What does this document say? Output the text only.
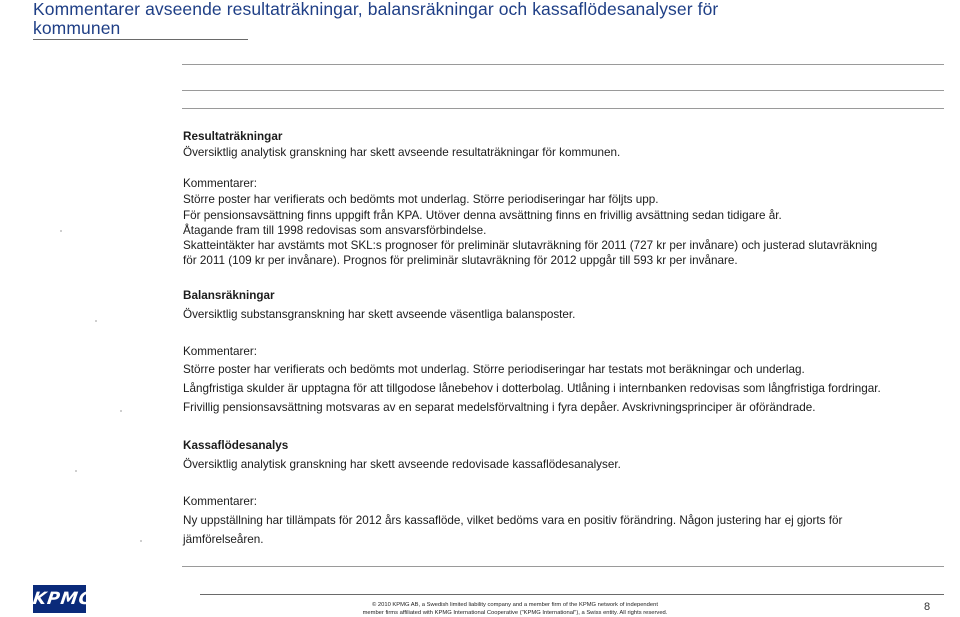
Kommentarer avseende resultaträkningar, balansräkningar och kassaflödesanalyser för
kommunen
Resultaträkningar
Översiktlig analytisk granskning har skett avseende resultaträkningar för kommunen.
Kommentarer:
Större poster har verifierats och bedömts mot underlag. Större periodiseringar har följts upp.
För pensionsavsättning finns uppgift från KPA. Utöver denna avsättning finns en frivillig avsättning sedan tidigare år.
Åtagande fram till 1998 redovisas som ansvarsförbindelse.
Skatteintäkter har avstämts mot SKL:s prognoser för preliminär slutavräkning för 2011 (727 kr per invånare) och justerad slutavräkning
för 2011 (109 kr per invånare). Prognos för preliminär slutavräkning för 2012 uppgår till 593 kr per invånare.
Balansräkningar
Översiktlig substansgranskning har skett avseende väsentliga balansposter.
Kommentarer:
Större poster har verifierats och bedömts mot underlag. Större periodiseringar har testats mot beräkningar och underlag.
Långfristiga skulder är upptagna för att tillgodose lånebehov i dotterbolag. Utlåning i internbanken redovisas som långfristiga fordringar.
Frivillig pensionsavsättning motsvaras av en separat medelsförvaltning i fyra depåer. Avskrivningsprinciper är oförändrade.
Kassaflödesanalys
Översiktlig analytisk granskning har skett avseende redovisade kassaflödesanalyser.
Kommentarer:
Ny uppställning har tillämpats för 2012 års kassaflöde, vilket bedöms vara en positiv förändring. Någon justering har ej gjorts för
jämförelseåren.
KPMG	© 2010 KPMG AB, a Swedish limited liability company and a member firm of the KPMG network of independent
member firms affiliated with KPMG International Cooperative ("KPMG International"), a Swiss entity. All rights reserved.	8
